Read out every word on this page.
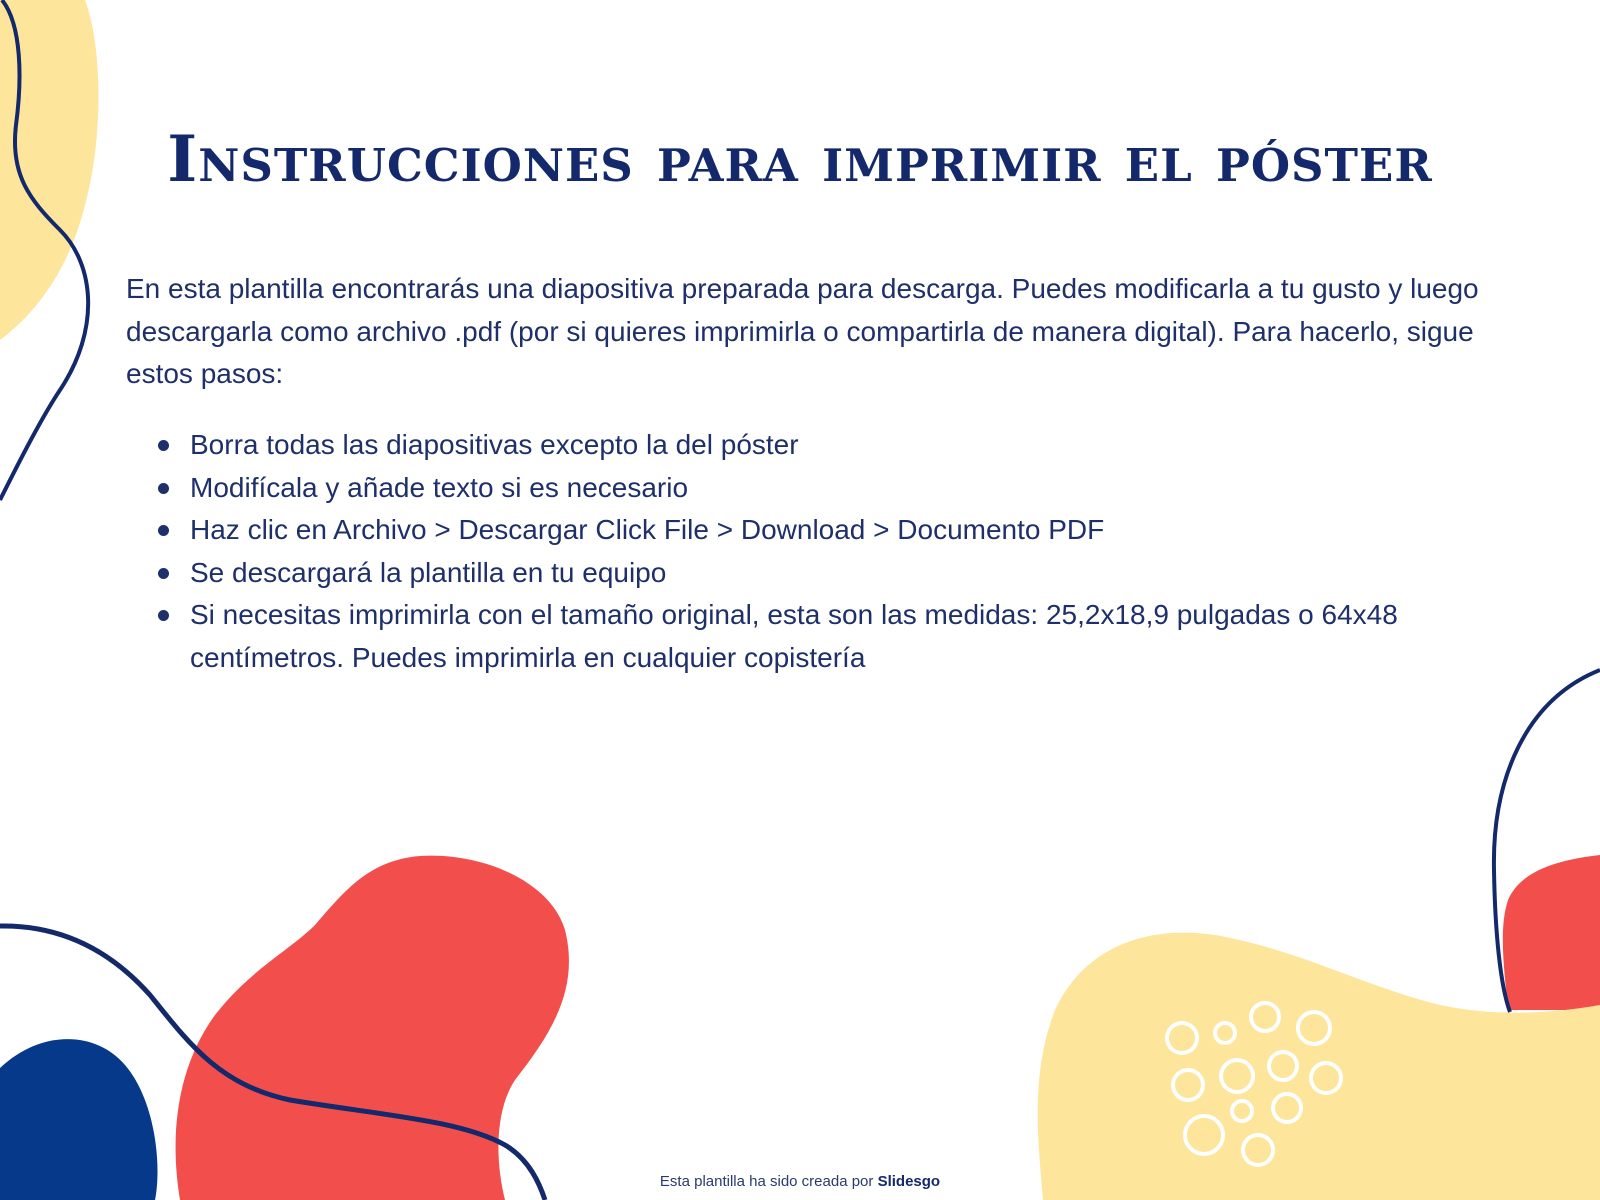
Instrucciones para imprimir el póster

En esta plantilla encontrarás una diapositiva preparada para descarga. Puedes modificarla a tu gusto y luego descargarla como archivo .pdf (por si quieres imprimirla o compartirla de manera digital). Para hacerlo, sigue estos pasos:

Borra todas las diapositivas excepto la del póster
Modifícala y añade texto si es necesario
Haz clic en Archivo > Descargar Click File > Download > Documento PDF
Se descargará la plantilla en tu equipo
Si necesitas imprimirla con el tamaño original, esta son las medidas: 25,2x18,9 pulgadas o 64x48 centímetros. Puedes imprimirla en cualquier copistería
Esta plantilla ha sido creada por Slidesgo
